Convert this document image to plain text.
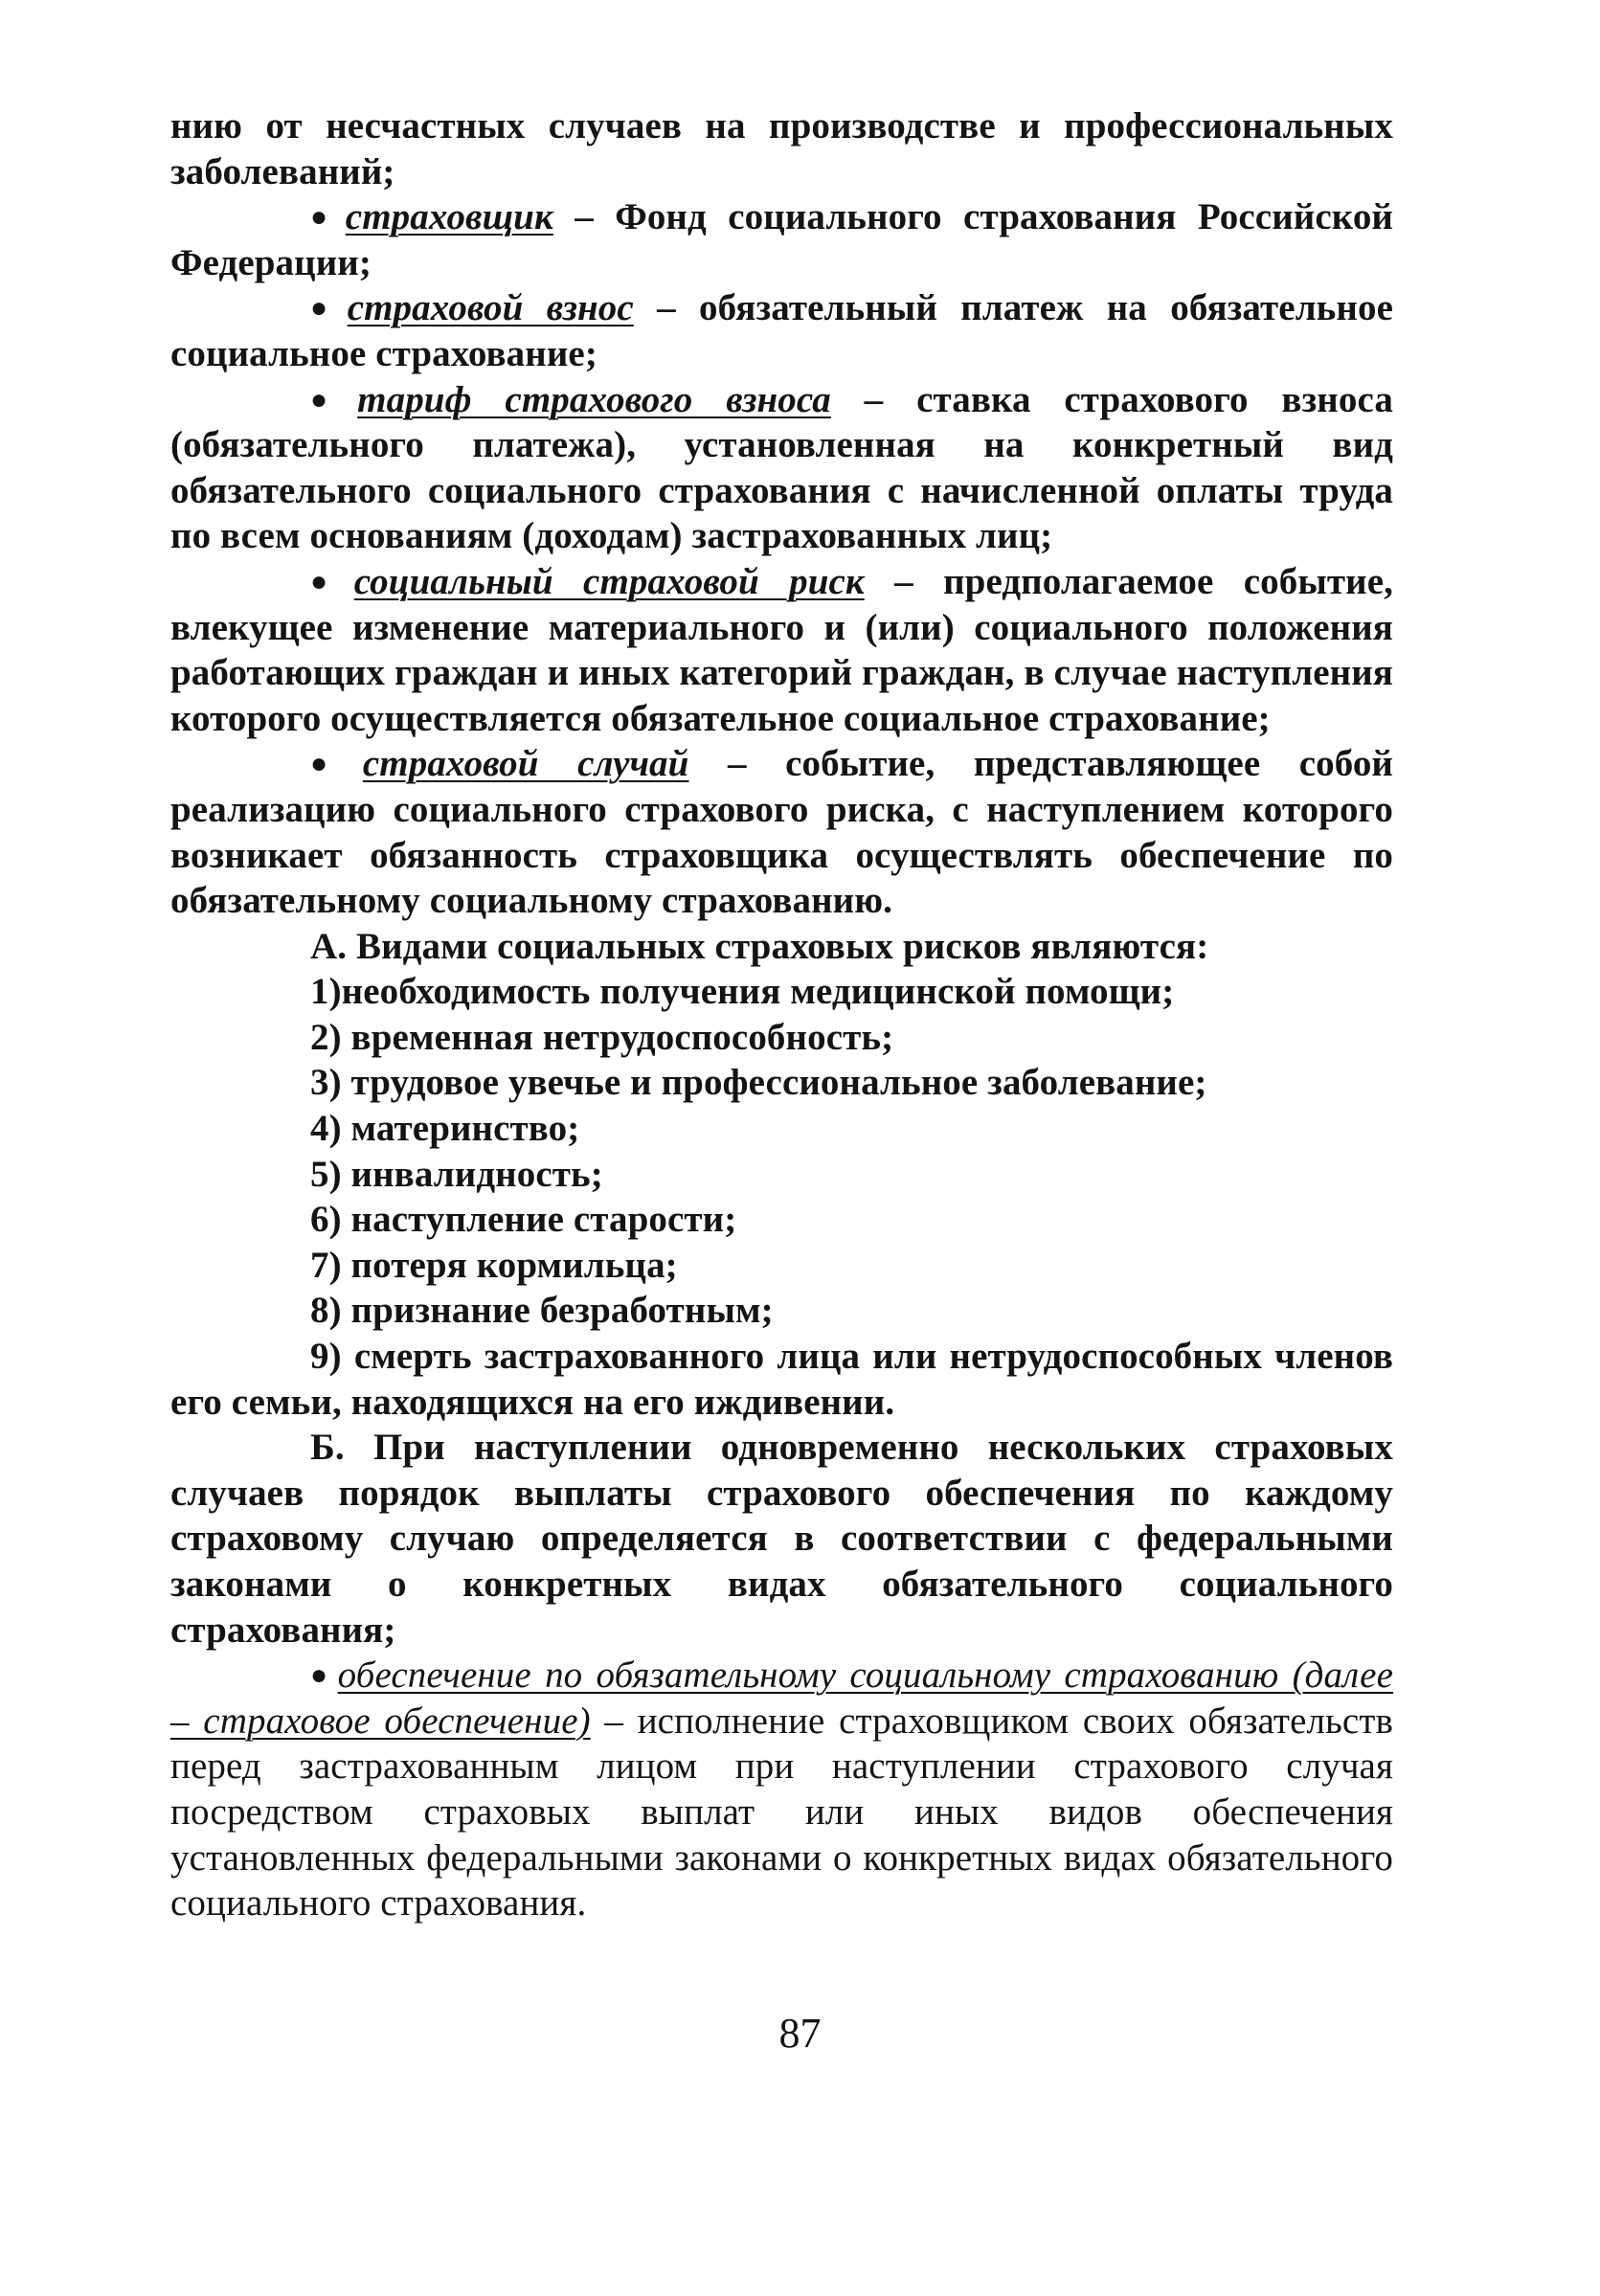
нию от несчастных случаев на производстве и профессиональных заболеваний;

● страховщик – Фонд социального страхования Российской Федерации;

● страховой взнос – обязательный платеж на обязательное социальное страхование;

● тариф страхового взноса – ставка страхового взноса (обязательного платежа), установленная на конкретный вид обязательного социального страхования с начисленной оплаты труда по всем основаниям (доходам) застрахованных лиц;

● социальный страховой риск – предполагаемое событие, влекущее изменение материального и (или) социального положения работающих граждан и иных категорий граждан, в случае наступления которого осуществляется обязательное социальное страхование;

● страховой случай – событие, представляющее собой реализацию социального страхового риска, с наступлением которого возникает обязанность страховщика осуществлять обеспечение по обязательному социальному страхованию.

А. Видами социальных страховых рисков являются:

1)необходимость получения медицинской помощи;

2) временная нетрудоспособность;

3) трудовое увечье и профессиональное заболевание;

4) материнство;

5) инвалидность;

6) наступление старости;

7) потеря кормильца;

8) признание безработным;

9) смерть застрахованного лица или нетрудоспособных членов его семьи, находящихся на его иждивении.

Б. При наступлении одновременно нескольких страховых случаев порядок выплаты страхового обеспечения по каждому страховому случаю определяется в соответствии с федеральными законами о конкретных видах обязательного социального страхования;

● обеспечение по обязательному социальному страхованию (далее – страховое обеспечение) – исполнение страховщиком своих обязательств перед застрахованным лицом при наступлении страхового случая посредством страховых выплат или иных видов обеспечения установленных федеральными законами о конкретных видах обязательного социального страхования.

87
